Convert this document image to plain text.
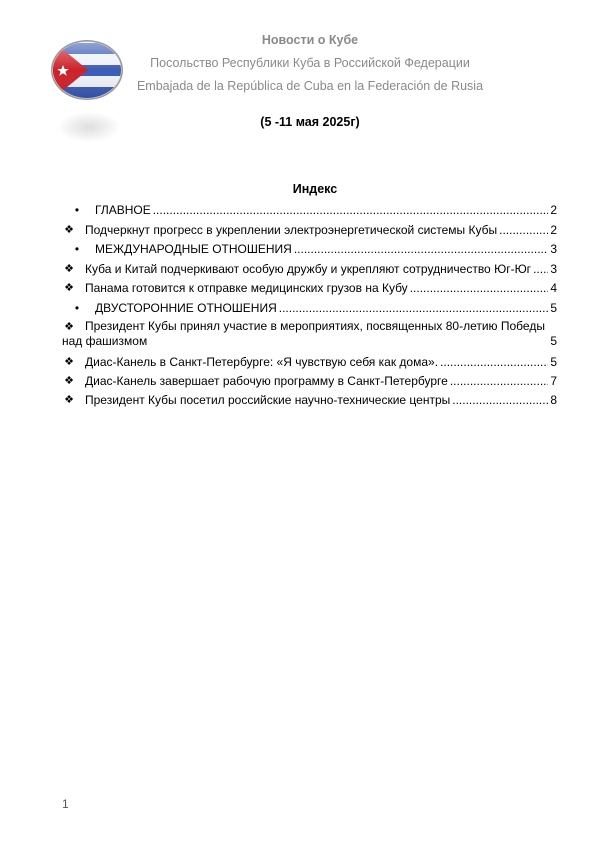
Новости о Кубе
Посольство Республики Куба в Российской Федерации
Embajada de la República de Cuba en la Federación de Rusia
(5 -11 мая 2025г)
Индекс
•	ГЛАВНОЕ .....	2
❖ Подчеркнут прогресс в укреплении электроэнергетической системы Кубы .....	2
•	МЕЖДУНАРОДНЫЕ ОТНОШЕНИЯ .....	3
❖ Куба и Китай подчеркивают особую дружбу и укрепляют сотрудничество Юг-Юг ..... 3
❖ Панама готовится к отправке медицинских грузов на Кубу .....	4
•	ДВУСТОРОННИЕ ОТНОШЕНИЯ .....	5
❖ Президент Кубы принял участие в мероприятиях, посвященных 80-летию Победы
над фашизмом	5
❖ Диас-Канель в Санкт-Петербурге: «Я чувствую себя как дома». .....	5
❖ Диас-Канель завершает рабочую программу в Санкт-Петербурге .....	7
❖ Президент Кубы посетил российские научно-технические центры .....	8
1
